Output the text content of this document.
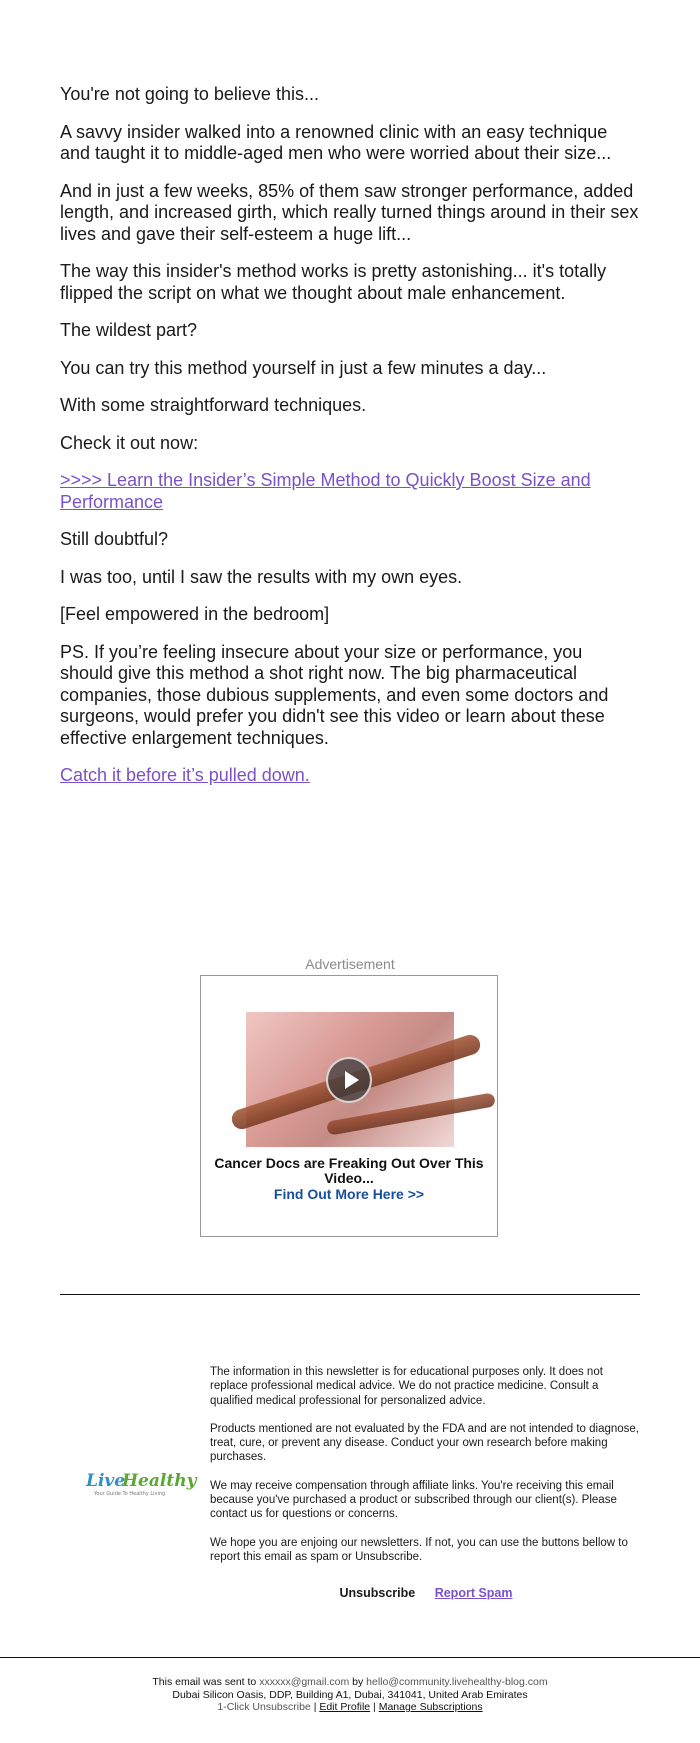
You're not going to believe this...

A savvy insider walked into a renowned clinic with an easy technique and taught it to middle-aged men who were worried about their size...

And in just a few weeks, 85% of them saw stronger performance, added length, and increased girth, which really turned things around in their sex lives and gave their self-esteem a huge lift...

The way this insider's method works is pretty astonishing... it's totally flipped the script on what we thought about male enhancement.

The wildest part?

You can try this method yourself in just a few minutes a day...

With some straightforward techniques.

Check it out now:

>>>> Learn the Insider’s Simple Method to Quickly Boost Size and Performance

Still doubtful?

I was too, until I saw the results with my own eyes.

[Feel empowered in the bedroom]

PS. If you’re feeling insecure about your size or performance, you should give this method a shot right now. The big pharmaceutical companies, those dubious supplements, and even some doctors and surgeons, would prefer you didn't see this video or learn about these effective enlargement techniques.

Catch it before it’s pulled down.

Advertisement
Cancer Docs are Freaking Out Over This Video...
Find Out More Here >>
Live
Healthy
Your Guide To Healthy Living

The information in this newsletter is for educational purposes only. It does not replace professional medical advice. We do not practice medicine. Consult a qualified medical professional for personalized advice.

Products mentioned are not evaluated by the FDA and are not intended to diagnose, treat, cure, or prevent any disease. Conduct your own research before making purchases.

We may receive compensation through affiliate links. You're receiving this email because you've purchased a product or subscribed through our client(s). Please contact us for questions or concerns.

We hope you are enjoing our newsletters. If not, you can use the buttons bellow to report this email as spam or Unsubscribe.

Unsubscribe Report Spam
This email was sent to xxxxxx@gmail.com by hello@community.livehealthy-blog.com
Dubai Silicon Oasis, DDP, Building A1, Dubai, 341041, United Arab Emirates
1-Click Unsubscribe | Edit Profile | Manage Subscriptions
